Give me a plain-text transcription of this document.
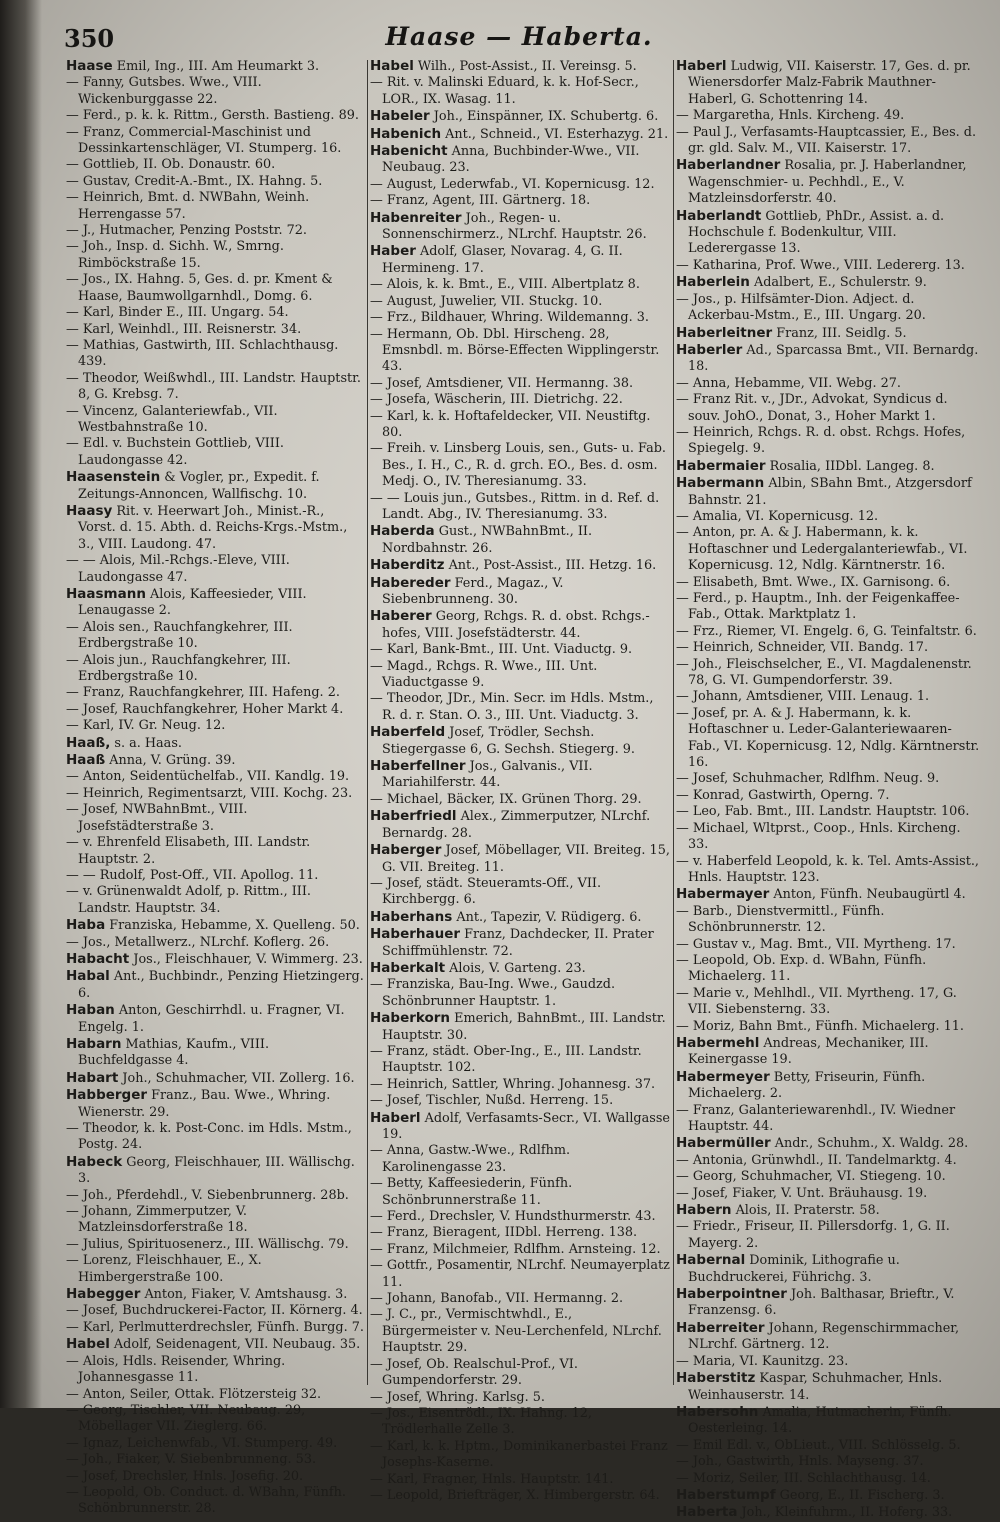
350	Haase — Haberta.

Haase Emil, Ing., III. Am Heumarkt 3.

— Fanny, Gutsbes. Wwe., VIII. Wickenburggasse 22.

— Ferd., p. k. k. Rittm., Gersth. Bastieng. 89.

— Franz, Commercial-Maschinist und Dessinkartenschläger, VI. Stumperg. 16.

— Gottlieb, II. Ob. Donaustr. 60.

— Gustav, Credit-A.-Bmt., IX. Hahng. 5.

— Heinrich, Bmt. d. NWBahn, Weinh. Herrengasse 57.

— J., Hutmacher, Penzing Poststr. 72.

— Joh., Insp. d. Sichh. W., Smrng. Rimböckstraße 15.

— Jos., IX. Hahng. 5, Ges. d. pr. Kment & Haase, Baumwollgarnhdl., Domg. 6.

— Karl, Binder E., III. Ungarg. 54.

— Karl, Weinhdl., III. Reisnerstr. 34.

— Mathias, Gastwirth, III. Schlachthausg. 439.

— Theodor, Weißwhdl., III. Landstr. Hauptstr. 8, G. Krebsg. 7.

— Vincenz, Galanteriewfab., VII. Westbahnstraße 10.

— Edl. v. Buchstein Gottlieb, VIII. Laudongasse 42.

Haasenstein & Vogler, pr., Expedit. f. Zeitungs-Annoncen, Wallfischg. 10.

Haasy Rit. v. Heerwart Joh., Minist.-R., Vorst. d. 15. Abth. d. Reichs-Krgs.-Mstm., 3., VIII. Laudong. 47.

— — Alois, Mil.-Rchgs.-Eleve, VIII. Laudongasse 47.

Haasmann Alois, Kaffeesieder, VIII. Lenaugasse 2.

— Alois sen., Rauchfangkehrer, III. Erdbergstraße 10.

— Alois jun., Rauchfangkehrer, III. Erdbergstraße 10.

— Franz, Rauchfangkehrer, III. Hafeng. 2.

— Josef, Rauchfangkehrer, Hoher Markt 4.

— Karl, IV. Gr. Neug. 12.

Haaß, s. a. Haas.

Haaß Anna, V. Grüng. 39.

— Anton, Seidentüchelfab., VII. Kandlg. 19.

— Heinrich, Regimentsarzt, VIII. Kochg. 23.

— Josef, NWBahnBmt., VIII. Josefstädterstraße 3.

— v. Ehrenfeld Elisabeth, III. Landstr. Hauptstr. 2.

— — Rudolf, Post-Off., VII. Apollog. 11.

— v. Grünenwaldt Adolf, p. Rittm., III. Landstr. Hauptstr. 34.

Haba Franziska, Hebamme, X. Quelleng. 50.

— Jos., Metallwerz., NLrchf. Koflerg. 26.

Habacht Jos., Fleischhauer, V. Wimmerg. 23.

Habal Ant., Buchbindr., Penzing Hietzingerg. 6.

Haban Anton, Geschirrhdl. u. Fragner, VI. Engelg. 1.

Habarn Mathias, Kaufm., VIII. Buchfeldgasse 4.

Habart Joh., Schuhmacher, VII. Zollerg. 16.

Habberger Franz., Bau. Wwe., Whring. Wienerstr. 29.

— Theodor, k. k. Post-Conc. im Hdls. Mstm., Postg. 24.

Habeck Georg, Fleischhauer, III. Wällischg. 3.

— Joh., Pferdehdl., V. Siebenbrunnerg. 28b.

— Johann, Zimmerputzer, V. Matzleinsdorferstraße 18.

— Julius, Spirituosenerz., III. Wällischg. 79.

— Lorenz, Fleischhauer, E., X. Himbergerstraße 100.

Habegger Anton, Fiaker, V. Amtshausg. 3.

— Josef, Buchdruckerei-Factor, II. Körnerg. 4.

— Karl, Perlmutterdrechsler, Fünfh. Burgg. 7.

Habel Adolf, Seidenagent, VII. Neubaug. 35.

— Alois, Hdls. Reisender, Whring. Johannesgasse 11.

— Anton, Seiler, Ottak. Flötzersteig 32.

— Georg, Tischler, VII. Neubaug. 29, Möbellager VII. Zieglerg. 66.

— Ignaz, Leichenwfab., VI. Stumperg. 49.

— Joh., Fiaker, V. Siebenbrunneng. 53.

— Josef, Drechsler, Hnls. Josefig. 20.

— Leopold, Ob. Conduct. d. WBahn, Fünfh. Schönbrunnerstr. 28.

Habel Wilh., Post-Assist., II. Vereinsg. 5.

— Rit. v. Malinski Eduard, k. k. Hof-Secr., LOR., IX. Wasag. 11.

Habeler Joh., Einspänner, IX. Schubertg. 6.

Habenich Ant., Schneid., VI. Esterhazyg. 21.

Habenicht Anna, Buchbinder-Wwe., VII. Neubaug. 23.

— August, Lederwfab., VI. Kopernicusg. 12.

— Franz, Agent, III. Gärtnerg. 18.

Habenreiter Joh., Regen- u. Sonnenschirmerz., NLrchf. Hauptstr. 26.

Haber Adolf, Glaser, Novarag. 4, G. II. Hermineng. 17.

— Alois, k. k. Bmt., E., VIII. Albertplatz 8.

— August, Juwelier, VII. Stuckg. 10.

— Frz., Bildhauer, Whring. Wildemanng. 3.

— Hermann, Ob. Dbl. Hirscheng. 28, Emsnbdl. m. Börse-Effecten Wipplingerstr. 43.

— Josef, Amtsdiener, VII. Hermanng. 38.

— Josefa, Wäscherin, III. Dietrichg. 22.

— Karl, k. k. Hoftafeldecker, VII. Neustiftg. 80.

— Freih. v. Linsberg Louis, sen., Guts- u. Fab. Bes., I. H., C., R. d. grch. EO., Bes. d. osm. Medj. O., IV. Theresianumg. 33.

— — Louis jun., Gutsbes., Rittm. in d. Ref. d. Landt. Abg., IV. Theresianumg. 33.

Haberda Gust., NWBahnBmt., II. Nordbahnstr. 26.

Haberditz Ant., Post-Assist., III. Hetzg. 16.

Habereder Ferd., Magaz., V. Siebenbrunneng. 30.

Haberer Georg, Rchgs. R. d. obst. Rchgs.-hofes, VIII. Josefstädterstr. 44.

— Karl, Bank-Bmt., III. Unt. Viaductg. 9.

— Magd., Rchgs. R. Wwe., III. Unt. Viaductgasse 9.

— Theodor, JDr., Min. Secr. im Hdls. Mstm., R. d. r. Stan. O. 3., III. Unt. Viaductg. 3.

Haberfeld Josef, Trödler, Sechsh. Stiegergasse 6, G. Sechsh. Stiegerg. 9.

Haberfellner Jos., Galvanis., VII. Mariahilferstr. 44.

— Michael, Bäcker, IX. Grünen Thorg. 29.

Haberfriedl Alex., Zimmerputzer, NLrchf. Bernardg. 28.

Haberger Josef, Möbellager, VII. Breiteg. 15, G. VII. Breiteg. 11.

— Josef, städt. Steueramts-Off., VII. Kirchbergg. 6.

Haberhans Ant., Tapezir, V. Rüdigerg. 6.

Haberhauer Franz, Dachdecker, II. Prater Schiffmühlenstr. 72.

Haberkalt Alois, V. Garteng. 23.

— Franziska, Bau-Ing. Wwe., Gaudzd. Schönbrunner Hauptstr. 1.

Haberkorn Emerich, BahnBmt., III. Landstr. Hauptstr. 30.

— Franz, städt. Ober-Ing., E., III. Landstr. Hauptstr. 102.

— Heinrich, Sattler, Whring. Johannesg. 37.

— Josef, Tischler, Nußd. Herreng. 15.

Haberl Adolf, Verfasamts-Secr., VI. Wallgasse 19.

— Anna, Gastw.-Wwe., Rdlfhm. Karolinengasse 23.

— Betty, Kaffeesiederin, Fünfh. Schönbrunnerstraße 11.

— Ferd., Drechsler, V. Hundsthurmerstr. 43.

— Franz, Bieragent, IIDbl. Herreng. 138.

— Franz, Milchmeier, Rdlfhm. Arnsteing. 12.

— Gottfr., Posamentir, NLrchf. Neumayerplatz 11.

— Johann, Banofab., VII. Hermanng. 2.

— J. C., pr., Vermischtwhdl., E., Bürgermeister v. Neu-Lerchenfeld, NLrchf. Hauptstr. 29.

— Josef, Ob. Realschul-Prof., VI. Gumpendorferstr. 29.

— Josef, Whring. Karlsg. 5.

— Jos., Eisentrödl., IX. Hahng. 12, Trödlerhalle Zelle 3.

— Karl, k. k. Hptm., Dominikanerbastei Franz Josephs-Kaserne.

— Karl, Fragner, Hnls. Hauptstr. 141.

— Leopold, Briefträger, X. Himbergerstr. 64.

Haberl Ludwig, VII. Kaiserstr. 17, Ges. d. pr. Wienersdorfer Malz-Fabrik Mauthner-Haberl, G. Schottenring 14.

— Margaretha, Hnls. Kircheng. 49.

— Paul J., Verfasamts-Hauptcassier, E., Bes. d. gr. gld. Salv. M., VII. Kaiserstr. 17.

Haberlandner Rosalia, pr. J. Haberlandner, Wagenschmier- u. Pechhdl., E., V. Matzleinsdorferstr. 40.

Haberlandt Gottlieb, PhDr., Assist. a. d. Hochschule f. Bodenkultur, VIII. Lederergasse 13.

— Katharina, Prof. Wwe., VIII. Ledererg. 13.

Haberlein Adalbert, E., Schulerstr. 9.

— Jos., p. Hilfsämter-Dion. Adject. d. Ackerbau-Mstm., E., III. Ungarg. 20.

Haberleitner Franz, III. Seidlg. 5.

Haberler Ad., Sparcassa Bmt., VII. Bernardg. 18.

— Anna, Hebamme, VII. Webg. 27.

— Franz Rit. v., JDr., Advokat, Syndicus d. souv. JohO., Donat, 3., Hoher Markt 1.

— Heinrich, Rchgs. R. d. obst. Rchgs. Hofes, Spiegelg. 9.

Habermaier Rosalia, IIDbl. Langeg. 8.

Habermann Albin, SBahn Bmt., Atzgersdorf Bahnstr. 21.

— Amalia, VI. Kopernicusg. 12.

— Anton, pr. A. & J. Habermann, k. k. Hoftaschner und Ledergalanteriewfab., VI. Kopernicusg. 12, Ndlg. Kärntnerstr. 16.

— Elisabeth, Bmt. Wwe., IX. Garnisong. 6.

— Ferd., p. Hauptm., Inh. der Feigenkaffee-Fab., Ottak. Marktplatz 1.

— Frz., Riemer, VI. Engelg. 6, G. Teinfaltstr. 6.

— Heinrich, Schneider, VII. Bandg. 17.

— Joh., Fleischselcher, E., VI. Magdalenenstr. 78, G. VI. Gumpendorferstr. 39.

— Johann, Amtsdiener, VIII. Lenaug. 1.

— Josef, pr. A. & J. Habermann, k. k. Hoftaschner u. Leder-Galanteriewaaren-Fab., VI. Kopernicusg. 12, Ndlg. Kärntnerstr. 16.

— Josef, Schuhmacher, Rdlfhm. Neug. 9.

— Konrad, Gastwirth, Operng. 7.

— Leo, Fab. Bmt., III. Landstr. Hauptstr. 106.

— Michael, Wltprst., Coop., Hnls. Kircheng. 33.

— v. Haberfeld Leopold, k. k. Tel. Amts-Assist., Hnls. Hauptstr. 123.

Habermayer Anton, Fünfh. Neubaugürtl 4.

— Barb., Dienstvermittl., Fünfh. Schönbrunnerstr. 12.

— Gustav v., Mag. Bmt., VII. Myrtheng. 17.

— Leopold, Ob. Exp. d. WBahn, Fünfh. Michaelerg. 11.

— Marie v., Mehlhdl., VII. Myrtheng. 17, G. VII. Siebensterng. 33.

— Moriz, Bahn Bmt., Fünfh. Michaelerg. 11.

Habermehl Andreas, Mechaniker, III. Keinergasse 19.

Habermeyer Betty, Friseurin, Fünfh. Michaelerg. 2.

— Franz, Galanteriewarenhdl., IV. Wiedner Hauptstr. 44.

Habermüller Andr., Schuhm., X. Waldg. 28.

— Antonia, Grünwhdl., II. Tandelmarktg. 4.

— Georg, Schuhmacher, VI. Stiegeng. 10.

— Josef, Fiaker, V. Unt. Bräuhausg. 19.

Habern Alois, II. Praterstr. 58.

— Friedr., Friseur, II. Pillersdorfg. 1, G. II. Mayerg. 2.

Habernal Dominik, Lithografie u. Buchdruckerei, Führichg. 3.

Haberpointner Joh. Balthasar, Brieftr., V. Franzensg. 6.

Haberreiter Johann, Regenschirmmacher, NLrchf. Gärtnerg. 12.

— Maria, VI. Kaunitzg. 23.

Haberstitz Kaspar, Schuhmacher, Hnls. Weinhauserstr. 14.

Habersohn Amalia, Hutmacherin, Fünfh. Oesterleing. 14.

— Emil Edl. v., ObLieut., VIII. Schlösselg. 5.

— Joh., Gastwirth, Hnls. Mayseng. 37.

— Moriz, Seiler, III. Schlachthausg. 14.

Haberstumpf Georg, E., II. Fischerg. 3.

Haberta Joh., Kleinfuhrm., II. Hoferg. 33.
